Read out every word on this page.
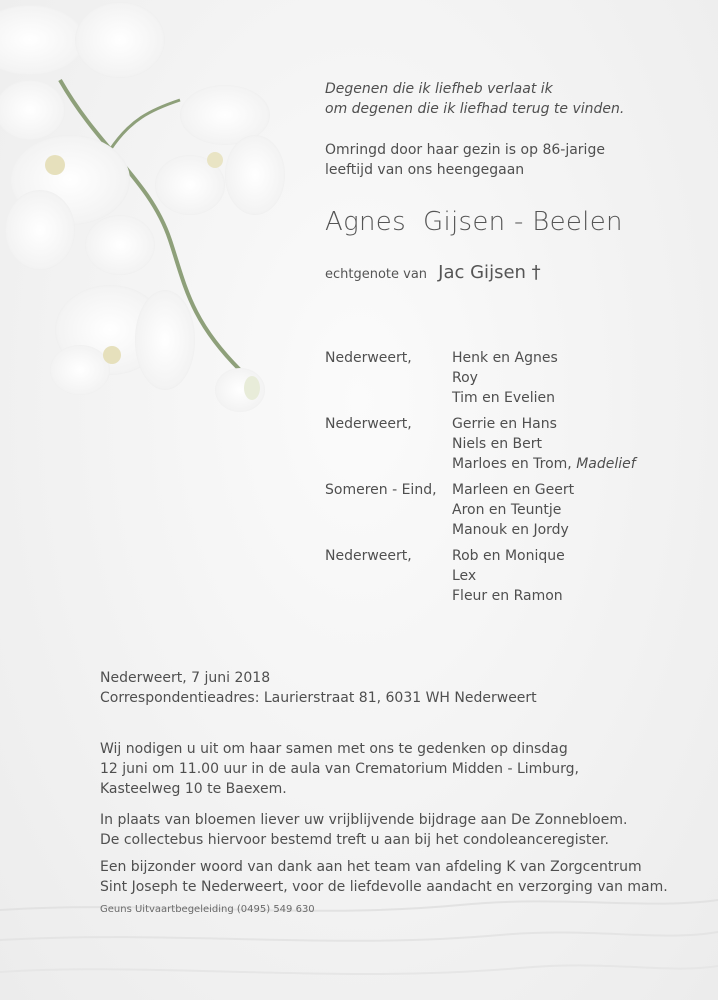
Degenen die ik liefheb verlaat ik
om degenen die ik liefhad terug te vinden.
Omringd door haar gezin is op 86-jarige
leeftijd van ons heengegaan
Agnes  Gijsen - Beelen
echtgenote van Jac Gijsen †
Nederweert,	Henk en Agnes
Roy
Tim en Evelien
Nederweert,	Gerrie en Hans
Niels en Bert
Marloes en Trom, Madelief
Someren - Eind,	Marleen en Geert
Aron en Teuntje
Manouk en Jordy
Nederweert,	Rob en Monique
Lex
Fleur en Ramon
Nederweert, 7 juni 2018
Correspondentieadres: Laurierstraat 81, 6031 WH Nederweert
Wij nodigen u uit om haar samen met ons te gedenken op dinsdag
12 juni om 11.00 uur in de aula van Crematorium Midden - Limburg,
Kasteelweg 10 te Baexem.
In plaats van bloemen liever uw vrijblijvende bijdrage aan De Zonnebloem.
De collectebus hiervoor bestemd treft u aan bij het condoleanceregister.
Een bijzonder woord van dank aan het team van afdeling K van Zorgcentrum
Sint Joseph te Nederweert, voor de liefdevolle aandacht en verzorging van mam.
Geuns Uitvaartbegeleiding (0495) 549 630
